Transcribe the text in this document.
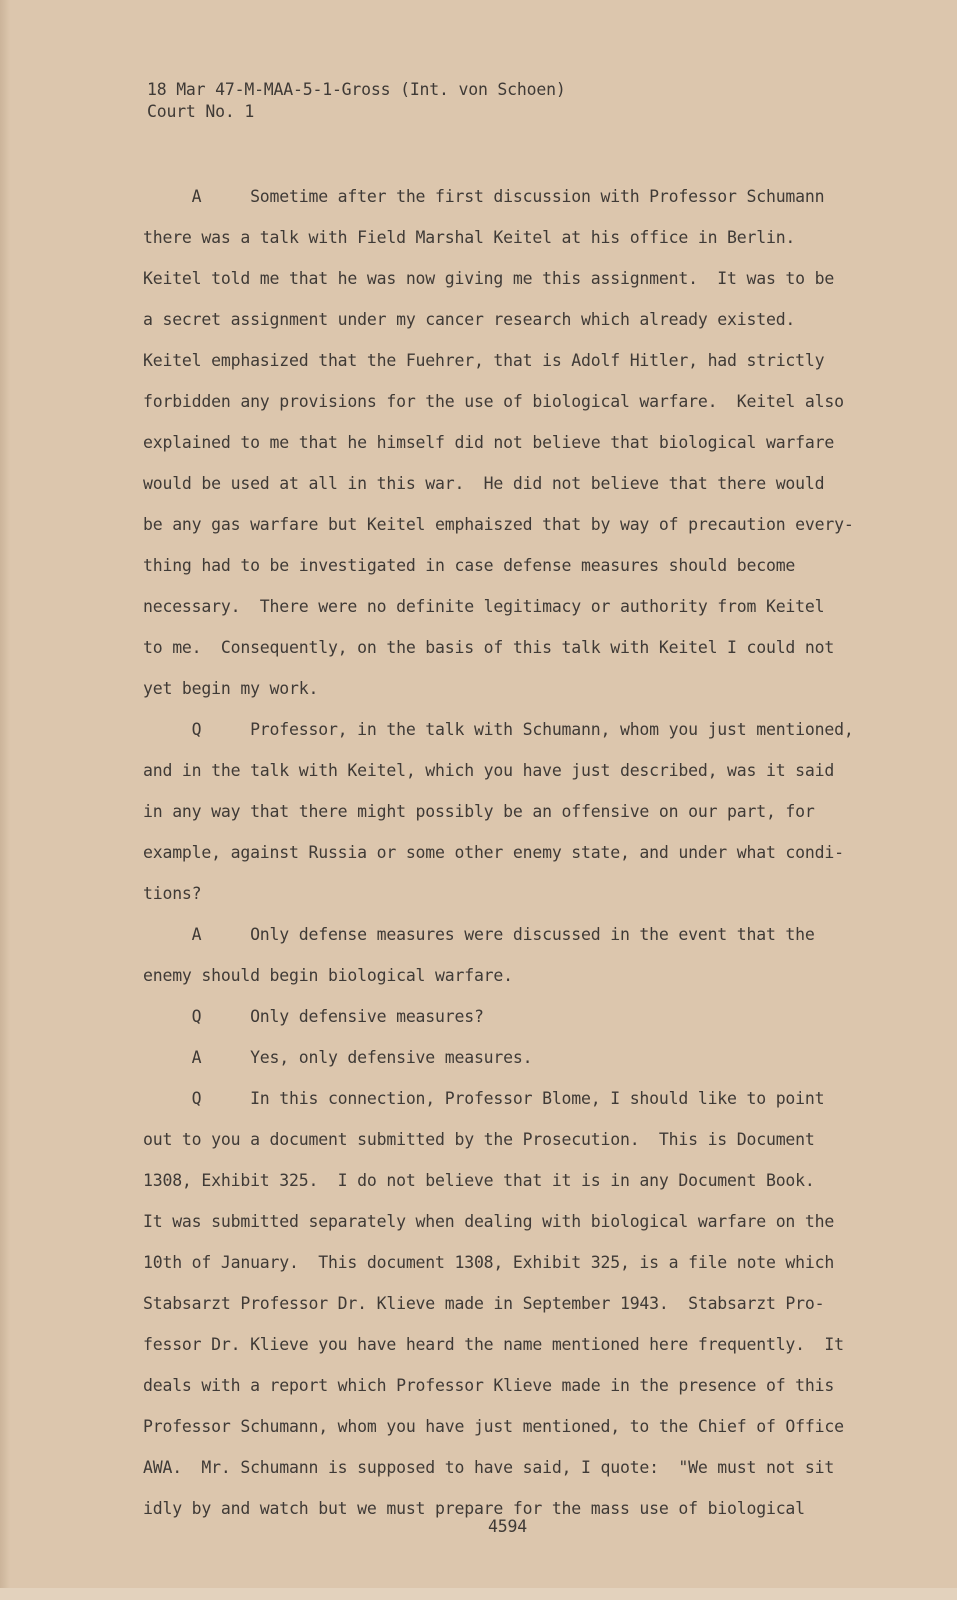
18 Mar 47-M-MAA-5-1-Gross (Int. von Schoen)
Court No. 1
A     Sometime after the first discussion with Professor Schumann
there was a talk with Field Marshal Keitel at his office in Berlin.
Keitel told me that he was now giving me this assignment.  It was to be
a secret assignment under my cancer research which already existed.
Keitel emphasized that the Fuehrer, that is Adolf Hitler, had strictly
forbidden any provisions for the use of biological warfare.  Keitel also
explained to me that he himself did not believe that biological warfare
would be used at all in this war.  He did not believe that there would
be any gas warfare but Keitel emphaiszed that by way of precaution every-
thing had to be investigated in case defense measures should become
necessary.  There were no definite legitimacy or authority from Keitel
to me.  Consequently, on the basis of this talk with Keitel I could not
yet begin my work.
Q     Professor, in the talk with Schumann, whom you just mentioned,
and in the talk with Keitel, which you have just described, was it said
in any way that there might possibly be an offensive on our part, for
example, against Russia or some other enemy state, and under what condi-
tions?
A     Only defense measures were discussed in the event that the
enemy should begin biological warfare.
Q     Only defensive measures?
A     Yes, only defensive measures.
Q     In this connection, Professor Blome, I should like to point
out to you a document submitted by the Prosecution.  This is Document
1308, Exhibit 325.  I do not believe that it is in any Document Book.
It was submitted separately when dealing with biological warfare on the
10th of January.  This document 1308, Exhibit 325, is a file note which
Stabsarzt Professor Dr. Klieve made in September 1943.  Stabsarzt Pro-
fessor Dr. Klieve you have heard the name mentioned here frequently.  It
deals with a report which Professor Klieve made in the presence of this
Professor Schumann, whom you have just mentioned, to the Chief of Office
AWA.  Mr. Schumann is supposed to have said, I quote:  "We must not sit
idly by and watch but we must prepare for the mass use of biological
4594
